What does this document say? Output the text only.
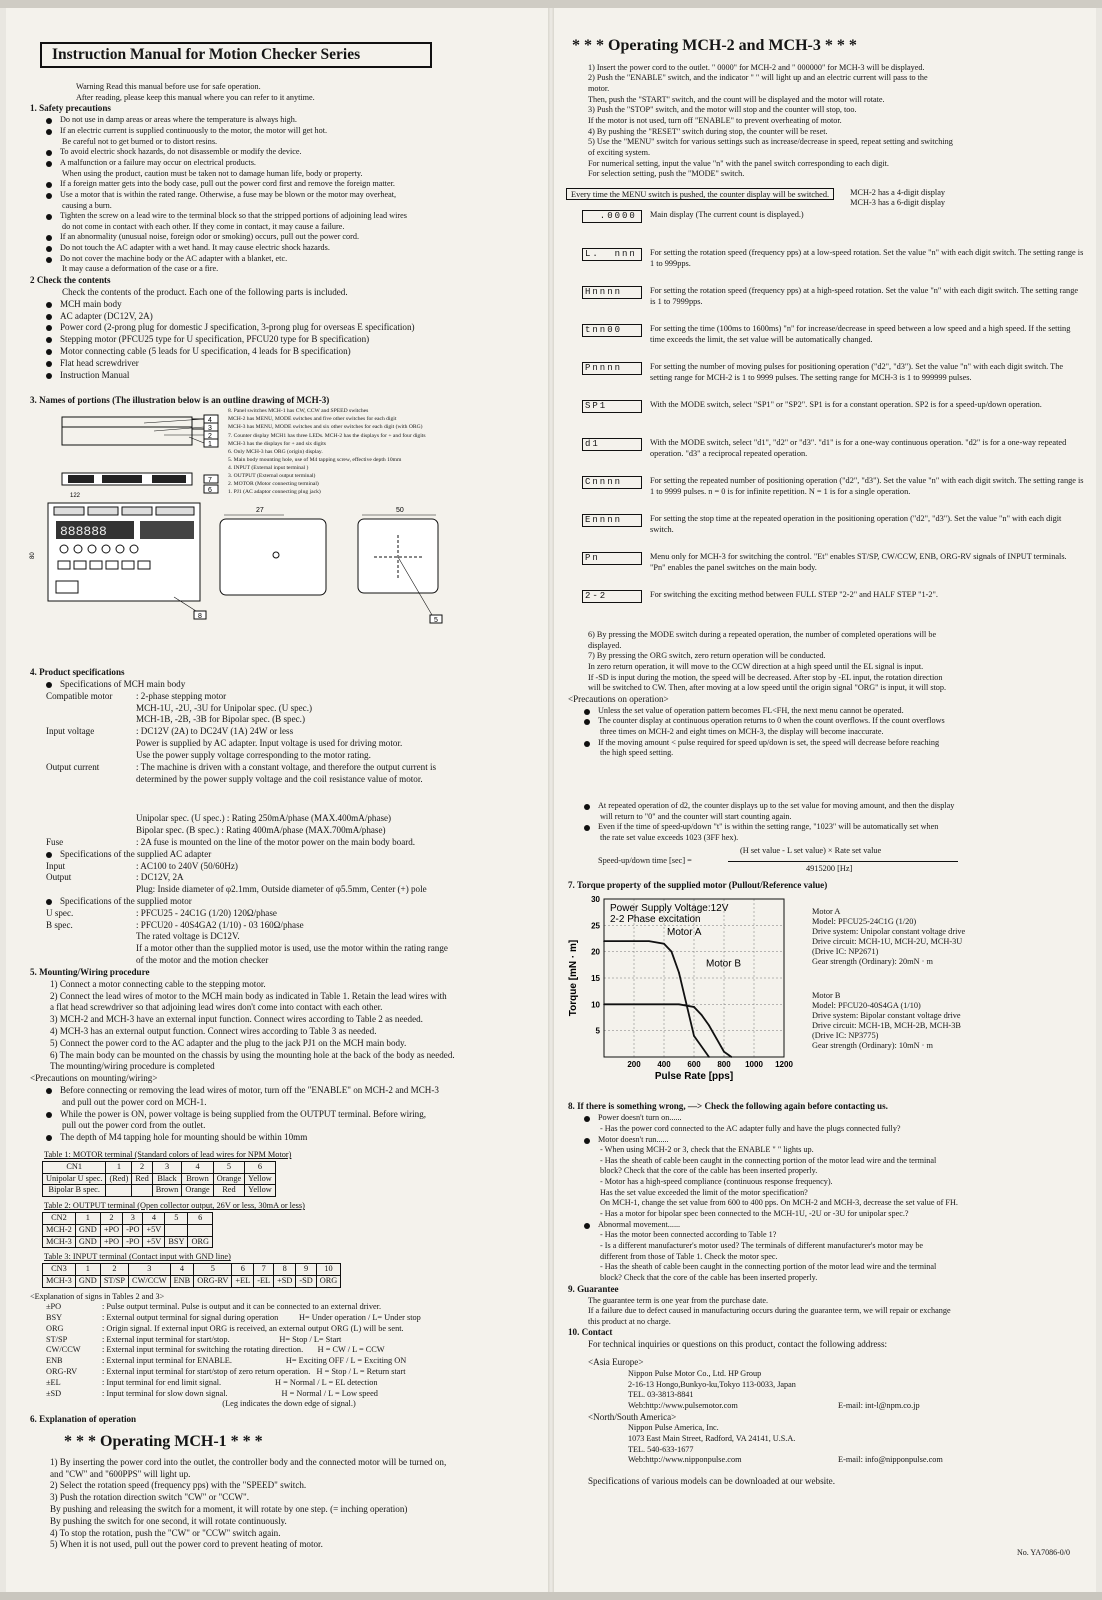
Instruction Manual for Motion Checker Series
Warning Read this manual before use for safe operation.
After reading, please keep this manual where you can refer to it anytime.
1. Safety precautions
Do not use in damp areas or areas where the temperature is always high.
If an electric current is supplied continuously to the motor, the motor will get hot.
Be careful not to get burned or to distort resins.
To avoid electric shock hazards, do not disassemble or modify the device.
A malfunction or a failure may occur on electrical products.
When using the product, caution must be taken not to damage human life, body or property.
If a foreign matter gets into the body case, pull out the power cord first and remove the foreign matter.
Use a motor that is within the rated range. Otherwise, a fuse may be blown or the motor may overheat,
causing a burn.
Tighten the screw on a lead wire to the terminal block so that the stripped portions of adjoining lead wires
do not come in contact with each other. If they come in contact, it may cause a failure.
If an abnormality (unusual noise, foreign odor or smoking) occurs, pull out the power cord.
Do not touch the AC adapter with a wet hand. It may cause electric shock hazards.
Do not cover the machine body or the AC adapter with a blanket, etc.
It may cause a deformation of the case or a fire.
2 Check the contents
Check the contents of the product. Each one of the following parts is included.
MCH main body
AC adapter (DC12V, 2A)
Power cord (2-prong plug for domestic J specification, 3-prong plug for overseas E specification)
Stepping motor (PFCU25 type for U specification, PFCU20 type for B specification)
Motor connecting cable (5 leads for U specification, 4 leads for B specification)
Flat head screwdriver
Instruction Manual
3. Names of portions (The illustration below is an outline drawing of MCH-3)
4
3
2
1
7
6
122
888888
80
8
27	50
5
8. Panel switches MCH-1 has CW, CCW and SPEED switches
MCH-2 has MENU, MODE switches and five other switches for each digit
MCH-3 has MENU, MODE switches and six other switches for each digit (with ORG)
7. Counter display MCH1 has three LEDs. MCH-2 has the displays for + and four digits
MCH-3 has the displays for + and six digits
6. Only MCH-3 has ORG (origin) display.
5. Main body mounting hole, use of M4 tapping screw, effective depth 10mm
4. INPUT (External input terminal )
3. OUTPUT (External output terminal)
2. MOTOR (Motor connecting terminal)
1. PJ1 (AC adaptor connecting plug jack)
4. Product specifications
Specifications of MCH main body
Compatible motor	: 2-phase stepping motor
MCH-1U, -2U, -3U for Unipolar spec. (U spec.)
MCH-1B, -2B, -3B for Bipolar spec. (B spec.)
Input voltage	: DC12V (2A) to DC24V (1A) 24W or less
Power is supplied by AC adapter. Input voltage is used for driving motor.
Use the power supply voltage corresponding to the motor rating.
Output current	: The machine is driven with a constant voltage, and therefore the output current is
determined by the power supply voltage and the coil resistance value of motor.
Unipolar spec. (U spec.) : Rating 250mA/phase (MAX.400mA/phase)
Bipolar spec. (B spec.) : Rating 400mA/phase (MAX.700mA/phase)
Fuse	: 2A fuse is mounted on the line of the motor power on the main body board.
Specifications of the supplied AC adapter
Input	: AC100 to 240V (50/60Hz)
Output	: DC12V, 2A
Plug: Inside diameter of φ2.1mm, Outside diameter of φ5.5mm, Center (+) pole
Specifications of the supplied motor
U spec.	: PFCU25 - 24C1G (1/20) 120Ω/phase
B spec.	: PFCU20 - 40S4GA2 (1/10) - 03 160Ω/phase
The rated voltage is DC12V.
If a motor other than the supplied motor is used, use the motor within the rating range
of the motor and the motion checker
5. Mounting/Wiring procedure
1) Connect a motor connecting cable to the stepping motor.
2) Connect the lead wires of motor to the MCH main body as indicated in Table 1. Retain the lead wires with
a flat head screwdriver so that adjoining lead wires don't come into contact with each other.
3) MCH-2 and MCH-3 have an external input function. Connect wires according to Table 2 as needed.
4) MCH-3 has an external output function. Connect wires according to Table 3 as needed.
5) Connect the power cord to the AC adapter and the plug to the jack PJ1 on the MCH main body.
6) The main body can be mounted on the chassis by using the mounting hole at the back of the body as needed.
The mounting/wiring procedure is completed
<Precautions on mounting/wiring>
Before connecting or removing the lead wires of motor, turn off the "ENABLE" on MCH-2 and MCH-3
and pull out the power cord on MCH-1.
While the power is ON, power voltage is being supplied from the OUTPUT terminal. Before wiring,
pull out the power cord from the outlet.
The depth of M4 tapping hole for mounting should be within 10mm
Table 1: MOTOR terminal (Standard colors of lead wires for NPM Motor)
CN1	1	2	3	4	5	6
Unipolar U spec.	(Red)	Red	Black	Brown	Orange	Yellow
Bipolar B spec.			Brown	Orange	Red	Yellow
Table 2: OUTPUT terminal (Open collector output, 26V or less, 30mA or less)
CN2	1	2	3	4	5	6
MCH-2	GND	+PO	-PO	+5V		
MCH-3	GND	+PO	-PO	+5V	BSY	ORG
Table 3: INPUT terminal (Contact input with GND line)
CN3	1	2	3	4	5	6	7	8	9	10
MCH-3	GND	ST/SP	CW/CCW	ENB	ORG-RV	+EL	-EL	+SD	-SD	ORG
<Explanation of signs in Tables 2 and 3>
±PO	: Pulse output terminal. Pulse is output and it can be connected to an external driver.
BSY	: External output terminal for signal during operation          H= Under operation / L= Under stop
ORG	: Origin signal. If external input ORG is received, an external output ORG (L) will be sent.
ST/SP	: External input terminal for start/stop.                        H= Stop / L= Start
CW/CCW	: External input terminal for switching the rotating direction.       H = CW / L = CCW
ENB	: External input terminal for ENABLE.                          H= Exciting OFF / L = Exciting ON
ORG-RV	: External input terminal for start/stop of zero return operation.   H = Stop / L = Return start
±EL	: Input terminal for end limit signal.                          H = Normal / L = EL detection
±SD	: Input terminal for slow down signal.                          H = Normal / L = Low speed
(Leg indicates the down edge of signal.)
6. Explanation of operation
* * * Operating MCH-1 * * *
1) By inserting the power cord into the outlet, the controller body and the connected motor will be turned on,
and "CW" and "600PPS" will light up.
2) Select the rotation speed (frequency pps) with the "SPEED" switch.
3) Push the rotation direction switch "CW" or "CCW".
By pushing and releasing the switch for a moment, it will rotate by one step. (= inching operation)
By pushing the switch for one second, it will rotate continuously.
4) To stop the rotation, push the "CW" or "CCW" switch again.
5) When it is not used, pull out the power cord to prevent heating of motor.
* * * Operating MCH-2 and MCH-3 * * *
1) Insert the power cord to the outlet. " 0000" for MCH-2 and " 000000" for MCH-3 will be displayed.
2) Push the "ENABLE" switch, and the indicator " " will light up and an electric current will pass to the
motor.
Then, push the "START" switch, and the count will be displayed and the motor will rotate.
3) Push the "STOP" switch, and the motor will stop and the counter will stop, too.
If the motor is not used, turn off "ENABLE" to prevent overheating of motor.
4) By pushing the "RESET" switch during stop, the counter will be reset.
5) Use the "MENU" switch for various settings such as increase/decrease in speed, repeat setting and switching
of exciting system.
For numerical setting, input the value "n" with the panel switch corresponding to each digit.
For selection setting, push the "MODE" switch.
Every time the MENU switch is pushed, the counter display will be switched.	MCH-2 has a 4-digit display
MCH-3 has a 6-digit display
.0000	Main display (The current count is displayed.)
L.  nnn	For setting the rotation speed (frequency pps) at a low-speed rotation. Set the value "n" with each digit switch. The setting range is 1 to 999pps.
Hnnnn	For setting the rotation speed (frequency pps) at a high-speed rotation. Set the value "n" with each digit switch. The setting range is 1 to 7999pps.
tnn00	For setting the time (100ms to 1600ms) "n" for increase/decrease in speed between a low speed and a high speed. If the setting time exceeds the limit, the set value will be automatically changed.
Pnnnn	For setting the number of moving pulses for positioning operation ("d2", "d3"). Set the value "n" with each digit switch. The setting range for MCH-2 is 1 to 9999 pulses. The setting range for MCH-3 is 1 to 999999 pulses.
SP1	With the MODE switch, select "SP1" or "SP2". SP1 is for a constant operation. SP2 is for a speed-up/down operation.
d1	With the MODE switch, select "d1", "d2" or "d3". "d1" is for a one-way continuous operation. "d2" is for a one-way repeated operation. "d3" a reciprocal repeated operation.
Cnnnn	For setting the repeated number of positioning operation ("d2", "d3"). Set the value "n" with each digit switch. The setting range is 1 to 9999 pulses. n = 0 is for infinite repetition. N = 1 is for a single operation.
Ennnn	For setting the stop time at the repeated operation in the positioning operation ("d2", "d3"). Set the value "n" with each digit switch.
Pn	Menu only for MCH-3 for switching the control. "Et" enables ST/SP, CW/CCW, ENB, ORG-RV signals of INPUT terminals. "Pn" enables the panel switches on the main body.
2-2	For switching the exciting method between FULL STEP "2-2" and HALF STEP "1-2".
6) By pressing the MODE switch during a repeated operation, the number of completed operations will be
displayed.
7) By pressing the ORG switch, zero return operation will be conducted.
In zero return operation, it will move to the CCW direction at a high speed until the EL signal is input.
If -SD is input during the motion, the speed will be decreased. After stop by -EL input, the rotation direction
will be switched to CW. Then, after moving at a low speed until the origin signal "ORG" is input, it will stop.
<Precautions on operation>
Unless the set value of operation pattern becomes FL<FH, the next menu cannot be operated.
The counter display at continuous operation returns to 0 when the count overflows. If the count overflows
three times on MCH-2 and eight times on MCH-3, the display will become inaccurate.
If the moving amount < pulse required for speed up/down is set, the speed will decrease before reaching
the high speed setting.
At repeated operation of d2, the counter displays up to the set value for moving amount, and then the display
will return to "0" and the counter will start counting again.
Even if the time of speed-up/down "t" is within the setting range, "1023" will be automatically set when
the rate set value exceeds 1023 (3FF hex).
(H set value - L set value) × Rate set value
Speed-up/down time [sec] =
4915200 [Hz]
7. Torque property of the supplied motor (Pullout/Reference value)
200 400 600 800 1000 1200
5
10
15
20
25
30
Pulse Rate [pps]
Torque [mN · m]
Power Supply Voltage:12V
2-2 Phase excitation
Motor A
Motor B
Motor A
Model: PFCU25-24C1G (1/20)
Drive system: Unipolar constant voltage drive
Drive circuit: MCH-1U, MCH-2U, MCH-3U
(Drive IC: NP2671)
Gear strength (Ordinary): 20mN · m
Motor B
Model: PFCU20-40S4GA (1/10)
Drive system: Bipolar constant voltage drive
Drive circuit: MCH-1B, MCH-2B, MCH-3B
(Drive IC: NP3775)
Gear strength (Ordinary): 10mN · m
8. If there is something wrong, —> Check the following again before contacting us.
Power doesn't turn on......
- Has the power cord connected to the AC adapter fully and have the plugs connected fully?
Motor doesn't run......
- When using MCH-2 or 3, check that the ENABLE " " lights up.
- Has the sheath of cable been caught in the connecting portion of the motor lead wire and the terminal
block? Check that the core of the cable has been inserted properly.
- Motor has a high-speed compliance (continuous response frequency).
Has the set value exceeded the limit of the motor specification?
On MCH-1, change the set value from 600 to 400 pps. On MCH-2 and MCH-3, decrease the set value of FH.
- Has a motor for bipolar spec been connected to the MCH-1U, -2U or -3U for unipolar spec.?
Abnormal movement......
- Has the motor been connected according to Table 1?
- Is a different manufacturer's motor used? The terminals of different manufacturer's motor may be
different from those of Table 1. Check the motor spec.
- Has the sheath of cable been caught in the connecting portion of the motor lead wire and the terminal
block? Check that the core of the cable has been inserted properly.
9. Guarantee
The guarantee term is one year from the purchase date.
If a failure due to defect caused in manufacturing occurs during the guarantee term, we will repair or exchange
this product at no charge.
10. Contact
For technical inquiries or questions on this product, contact the following address:
<Asia Europe>
Nippon Pulse Motor Co., Ltd. HP Group
2-16-13 Hongo,Bunkyo-ku,Tokyo 113-0033, Japan
TEL. 03-3813-8841
Web:http://www.pulsemotor.com	E-mail: int-l@npm.co.jp
<North/South America>
Nippon Pulse America, Inc.
1073 East Main Street, Radford, VA 24141, U.S.A.
TEL. 540-633-1677
Web:http://www.nipponpulse.com	E-mail: info@nipponpulse.com
Specifications of various models can be downloaded at our website.
No. YA7086-0/0
